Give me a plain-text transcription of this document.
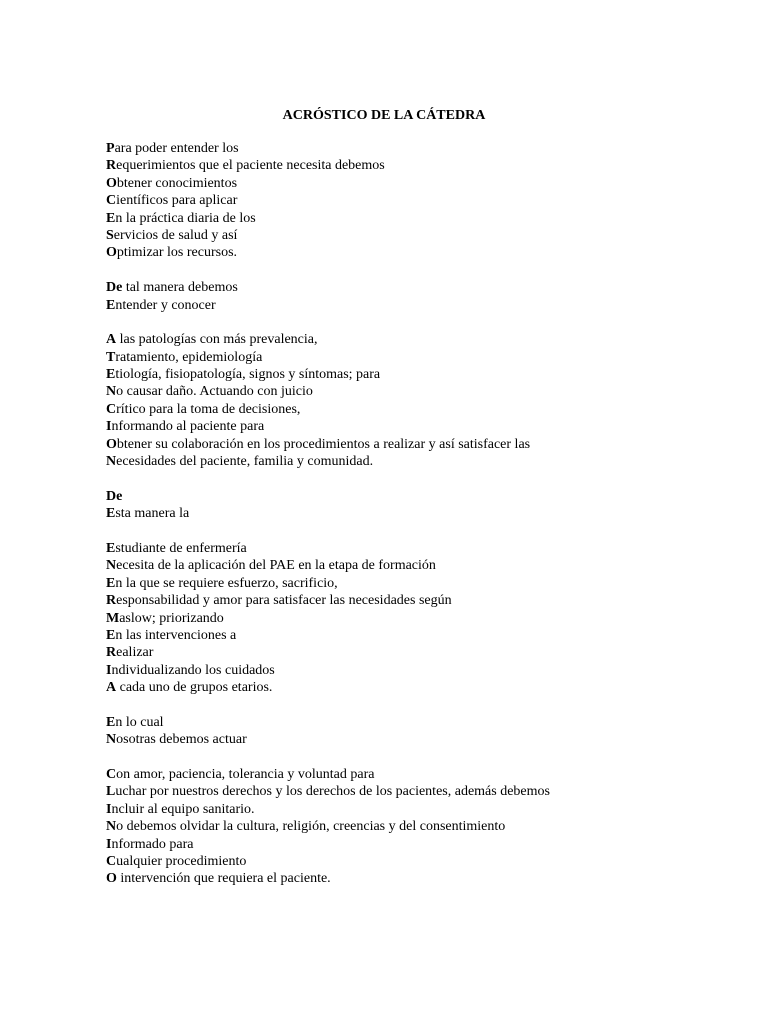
ACRÓSTICO DE LA CÁTEDRA
Para poder entender los
Requerimientos que el paciente necesita debemos
Obtener conocimientos
Científicos para aplicar
En la práctica diaria de los
Servicios de salud y así
Optimizar los recursos.
De tal manera debemos
Entender y conocer
A las patologías con más prevalencia,
Tratamiento, epidemiología
Etiología, fisiopatología, signos y síntomas; para
No causar daño. Actuando con juicio
Crítico para la toma de decisiones,
Informando al paciente para
Obtener su colaboración en los procedimientos a realizar y así satisfacer las
Necesidades del paciente, familia y comunidad.
De
Esta manera la
Estudiante de enfermería
Necesita de la aplicación del PAE en la etapa de formación
En la que se requiere esfuerzo, sacrificio,
Responsabilidad y amor para satisfacer las necesidades según
Maslow; priorizando
En las intervenciones a
Realizar
Individualizando los cuidados
A cada uno de grupos etarios.
En lo cual
Nosotras debemos actuar
Con amor, paciencia, tolerancia y voluntad para
Luchar por nuestros derechos y los derechos de los pacientes, además debemos
Incluir al equipo sanitario.
No debemos olvidar la cultura, religión, creencias y del consentimiento
Informado para
Cualquier procedimiento
O intervención que requiera el paciente.
